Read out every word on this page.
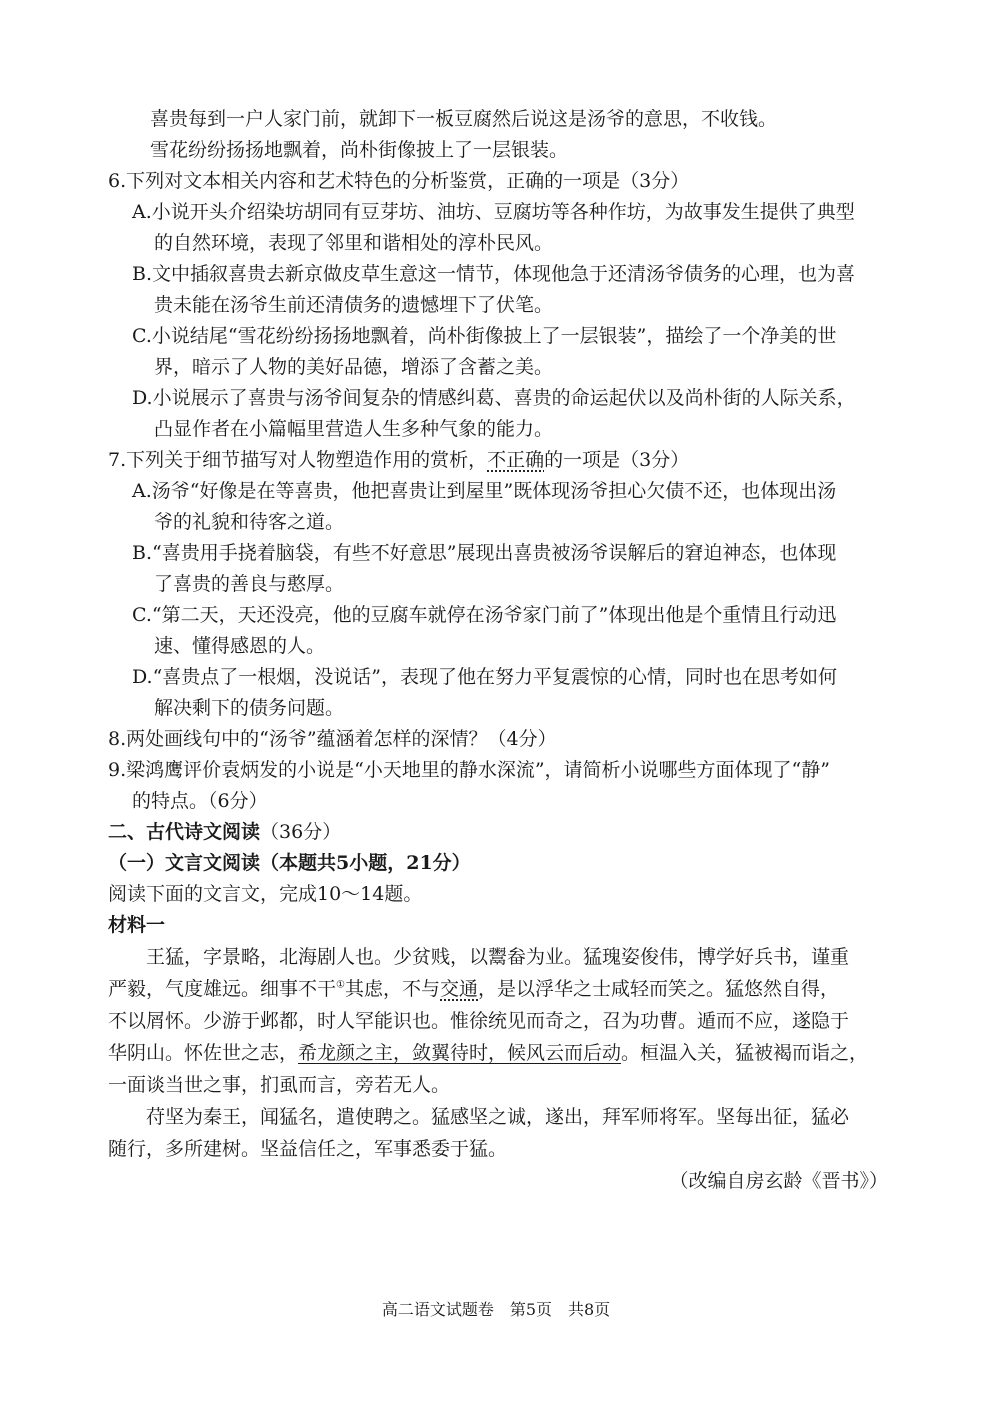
喜贵每到一户人家门前，就卸下一板豆腐然后说这是汤爷的意思，不收钱。
雪花纷纷扬扬地飘着，尚朴街像披上了一层银装。
6.下列对文本相关内容和艺术特色的分析鉴赏，正确的一项是（3分）
A.小说开头介绍染坊胡同有豆芽坊、油坊、豆腐坊等各种作坊，为故事发生提供了典型
的自然环境，表现了邻里和谐相处的淳朴民风。
B.文中插叙喜贵去新京做皮草生意这一情节，体现他急于还清汤爷债务的心理，也为喜
贵未能在汤爷生前还清债务的遗憾埋下了伏笔。
C.小说结尾“雪花纷纷扬扬地飘着，尚朴街像披上了一层银装”，描绘了一个净美的世
界，暗示了人物的美好品德，增添了含蓄之美。
D.小说展示了喜贵与汤爷间复杂的情感纠葛、喜贵的命运起伏以及尚朴街的人际关系，
凸显作者在小篇幅里营造人生多种气象的能力。
7.下列关于细节描写对人物塑造作用的赏析，不正确的一项是（3分）
A.汤爷“好像是在等喜贵，他把喜贵让到屋里”既体现汤爷担心欠债不还，也体现出汤
爷的礼貌和待客之道。
B.“喜贵用手挠着脑袋，有些不好意思”展现出喜贵被汤爷误解后的窘迫神态，也体现
了喜贵的善良与憨厚。
C.“第二天，天还没亮，他的豆腐车就停在汤爷家门前了”体现出他是个重情且行动迅
速、懂得感恩的人。
D.“喜贵点了一根烟，没说话”，表现了他在努力平复震惊的心情，同时也在思考如何
解决剩下的债务问题。
8.两处画线句中的“汤爷”蕴涵着怎样的深情？（4分）
9.梁鸿鹰评价袁炳发的小说是“小天地里的静水深流”，请简析小说哪些方面体现了“静”
的特点。（6分）
二、古代诗文阅读（36分）
（一）文言文阅读（本题共5小题，21分）
阅读下面的文言文，完成10～14题。
材料一
王猛，字景略，北海剧人也。少贫贱，以鬻畚为业。猛瑰姿俊伟，博学好兵书，谨重
严毅，气度雄远。细事不干①其虑，不与交通，是以浮华之士咸轻而笑之。猛悠然自得，
不以屑怀。少游于邺都，时人罕能识也。惟徐统见而奇之，召为功曹。遁而不应，遂隐于
华阴山。怀佐世之志，希龙颜之主，敛翼待时，候风云而后动。桓温入关，猛被褐而诣之，
一面谈当世之事，扪虱而言，旁若无人。
苻坚为秦王，闻猛名，遣使聘之。猛感坚之诚，遂出，拜军师将军。坚每出征，猛必
随行，多所建树。坚益信任之，军事悉委于猛。
（改编自房玄龄《晋书》）
高二语文试题卷　第5页　共8页
